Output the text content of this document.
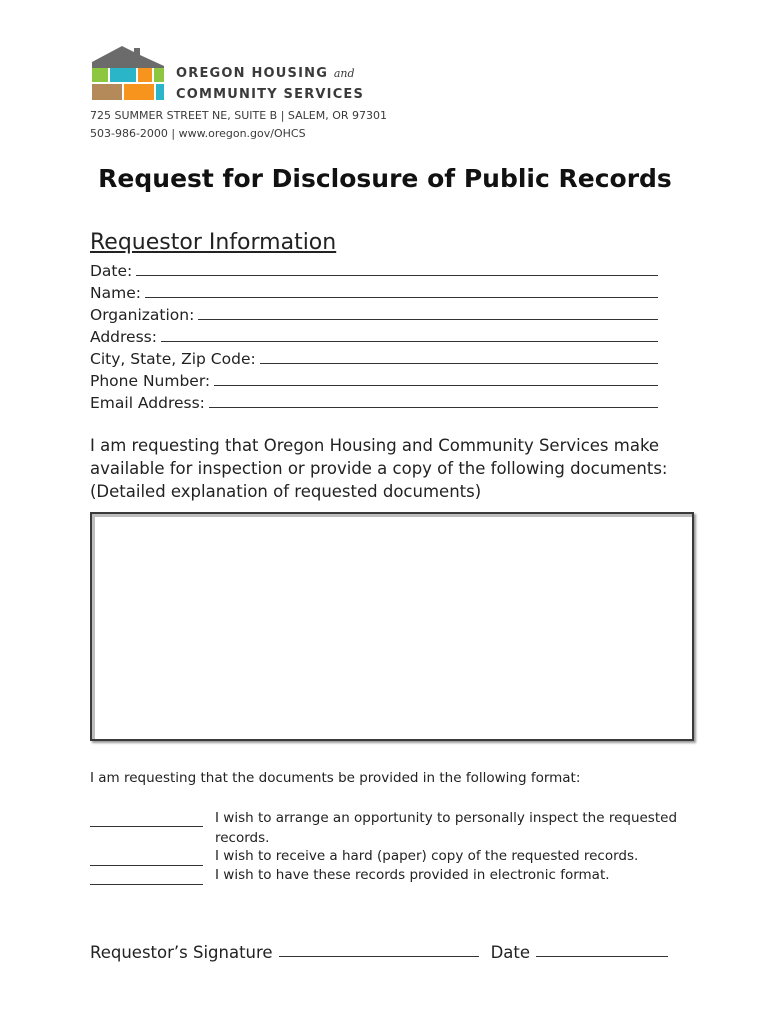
OREGON HOUSING and
COMMUNITY SERVICES
725 SUMMER STREET NE, SUITE B | SALEM, OR 97301
503-986-2000 | www.oregon.gov/OHCS
Request for Disclosure of Public Records
Requestor Information
Date:
Name:
Organization:
Address:
City, State, Zip Code:
Phone Number:
Email Address:
I am requesting that Oregon Housing and Community Services make available for inspection or provide a copy of the following documents: (Detailed explanation of requested documents)
I am requesting that the documents be provided in the following format:
I wish to arrange an opportunity to personally inspect the requested records.
I wish to receive a hard (paper) copy of the requested records.
I wish to have these records provided in electronic format.
Requestor’s Signature	Date
